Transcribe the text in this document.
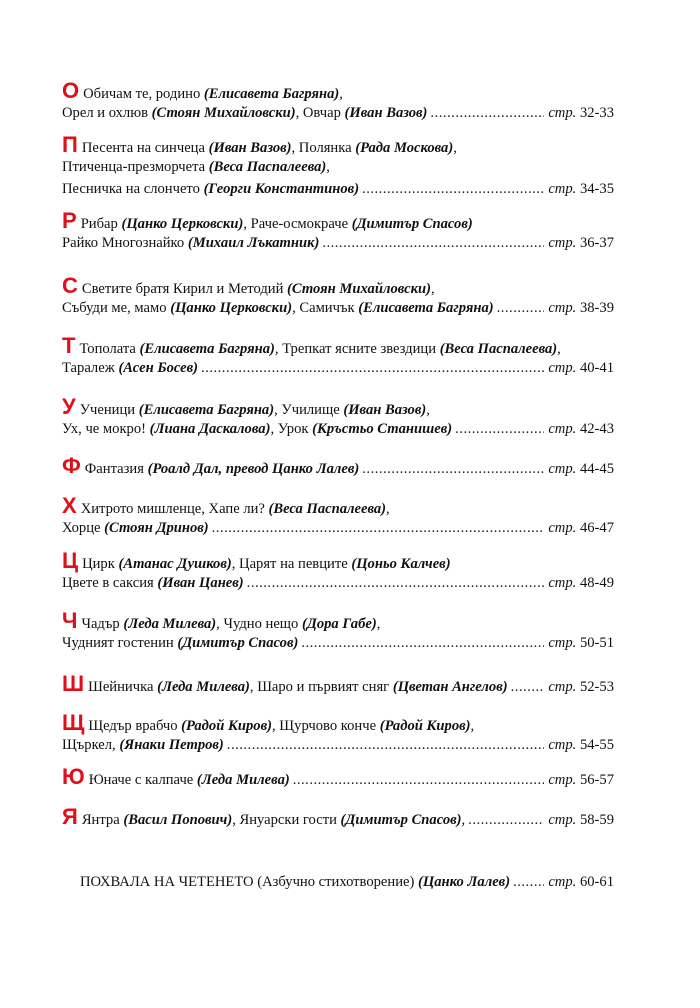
О Обичам те, родино (Елисавета Багряна) ,
Орел и охлюв (Стоян Михайловски) , Овчар (Иван Вазов) .....	стр. 32-33
П Песента на синчеца (Иван Вазов) , Полянка (Рада Москова) ,
Птиченца-презморчета (Веса Паспалеева) ,
Песничка на слончето (Георги Константинов) .....	стр. 34-35
Р Рибар (Цанко Церковски) , Раче-осмокраче (Димитър Спасов)
Райко Многознайко (Михаил Лъкатник) .....	стр. 36-37
С Светите братя Кирил и Методий (Стоян Михайловски) ,
Събуди ме, мамо (Цанко Церковски) , Самичък (Елисавета Багряна) .....	стр. 38-39
Т Тополата (Елисавета Багряна) , Трепкат ясните звездици (Веса Паспалеева) ,
Таралеж (Асен Босев) .....	стр. 40-41
У Ученици (Елисавета Багряна) , Училище (Иван Вазов) ,
Ух, че мокро! (Лиана Даскалова) , Урок (Кръстьо Станишев) .....	стр. 42-43
Ф Фантазия (Роалд Дал, превод Цанко Лалев) .....	стр. 44-45
Х Хитрото мишленце, Хапе ли? (Веса Паспалеева) ,
Хорце (Стоян Дринов) .....	стр. 46-47
Ц Цирк (Атанас Душков) , Царят на певците (Цоньо Калчев)
Цвете в саксия (Иван Цанев) .....	стр. 48-49
Ч Чадър (Леда Милева) , Чудно нещо (Дора Габе) ,
Чудният гостенин (Димитър Спасов) .....	стр. 50-51
Ш Шейничка (Леда Милева) , Шаро и първият сняг (Цветан Ангелов) .....	стр. 52-53
Щ Щедър врабчо (Радой Киров) , Щурчово конче (Радой Киров) ,
Щъркел, (Янаки Петров) .....	стр. 54-55
Ю Юначе с калпаче (Леда Милева) .....	стр. 56-57
Я Янтра (Васил Попович) , Януарски гости (Димитър Спасов) , .....	стр. 58-59
ПОХВАЛА НА ЧЕТЕНЕТО (Азбучно стихотворение) (Цанко Лалев) .....	стр. 60-61
